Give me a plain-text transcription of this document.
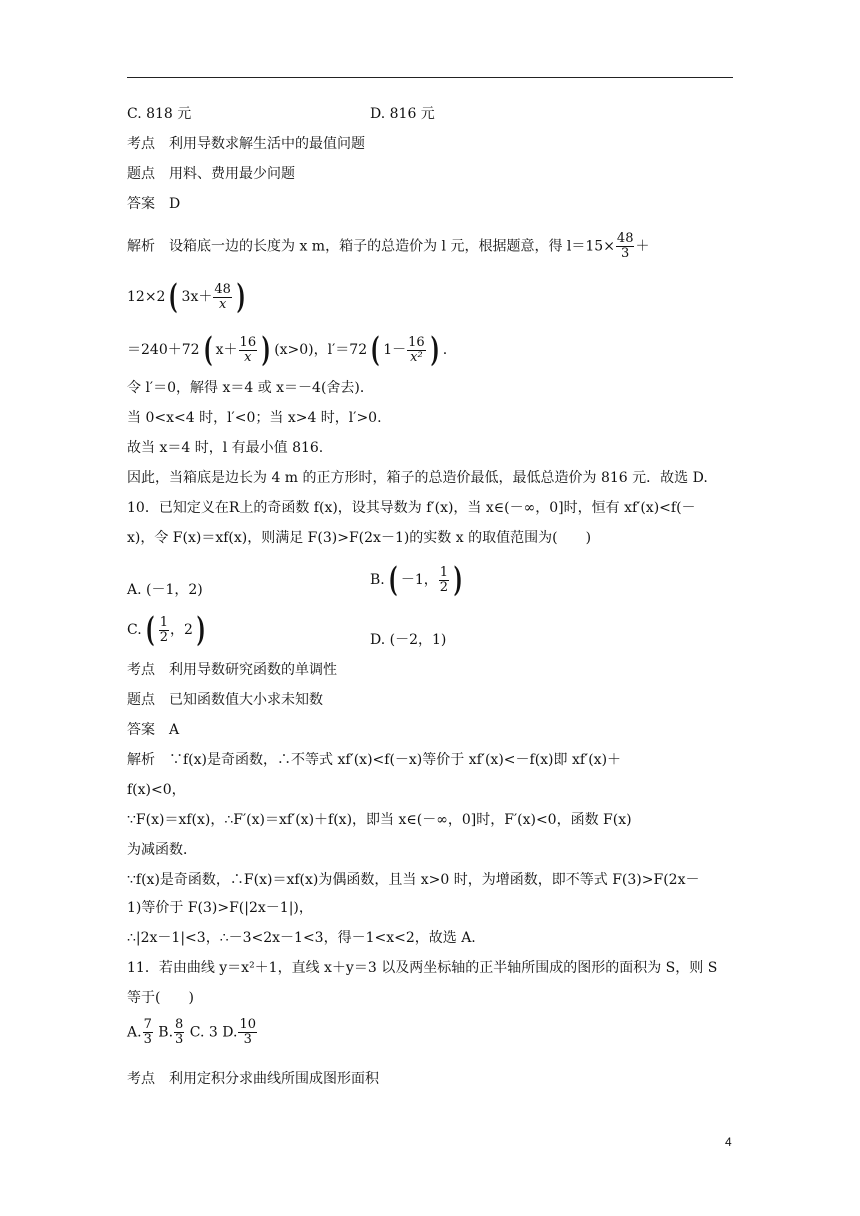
C. 818 元	D. 816 元
考点　利用导数求解生活中的最值问题
题点　用料、费用最少问题
答案　D
解析　设箱底一边的长度为 x m，箱子的总造价为 l 元，根据题意，得 $l=15\times \frac{48}{3}$ ＋
12×2 ( $3x+ \frac{48}{x}$ )
＝240＋72 ( $x+ \frac{16}{x}$ ) (x>0)，l′＝72 ( $1- \frac{16}{\text{x²}}$ ) .
令 l′＝0，解得 x＝4 或 x＝－4(舍去)．
当 0<x<4 时，l′<0；当 x>4 时，l′>0.
故当 x＝4 时，l 有最小值 816.
因此，当箱底是边长为 4 m 的正方形时，箱子的总造价最低，最低总造价为 816 元．故选 D.
10．已知定义在R上的奇函数 f(x)，设其导数为 f′(x)，当 x∈(－∞，0]时，恒有 xf′(x)<f(－
x)，令 F(x)＝xf(x)，则满足 F(3)>F(2x－1)的实数 x 的取值范围为(　　)
A. (－1，2)
B. ( －1， $\frac{1}{2}$ )
C. ( $\frac{1}{2}$ ，2 )	D. (－2，1)
考点　利用导数研究函数的单调性
题点　已知函数值大小求未知数
答案　A
解析　∵f(x)是奇函数，∴不等式 xf′(x)<f(－x)等价于 xf′(x)<－f(x)即 xf′(x)＋
f(x)<0，
∵F(x)＝xf(x)，∴F′(x)＝xf′(x)＋f(x)，即当 x∈(－∞，0]时，F′(x)<0，函数 F(x)
为减函数．
∵f(x)是奇函数，∴F(x)＝xf(x)为偶函数，且当 x>0 时，为增函数，即不等式 F(3)>F(2x－
1)等价于 F(3)>F(|2x－1|)，
∴|2x－1|<3，∴－3<2x－1<3，得－1<x<2，故选 A.
11．若由曲线 y＝x²＋1，直线 x＋y＝3 以及两坐标轴的正半轴所围成的图形的面积为 S，则 S
等于(　　)
A. $\frac{7}{3} B$. $\frac{8}{3} C$. 3 D. $\frac{10}{3}$
考点　利用定积分求曲线所围成图形面积
4
